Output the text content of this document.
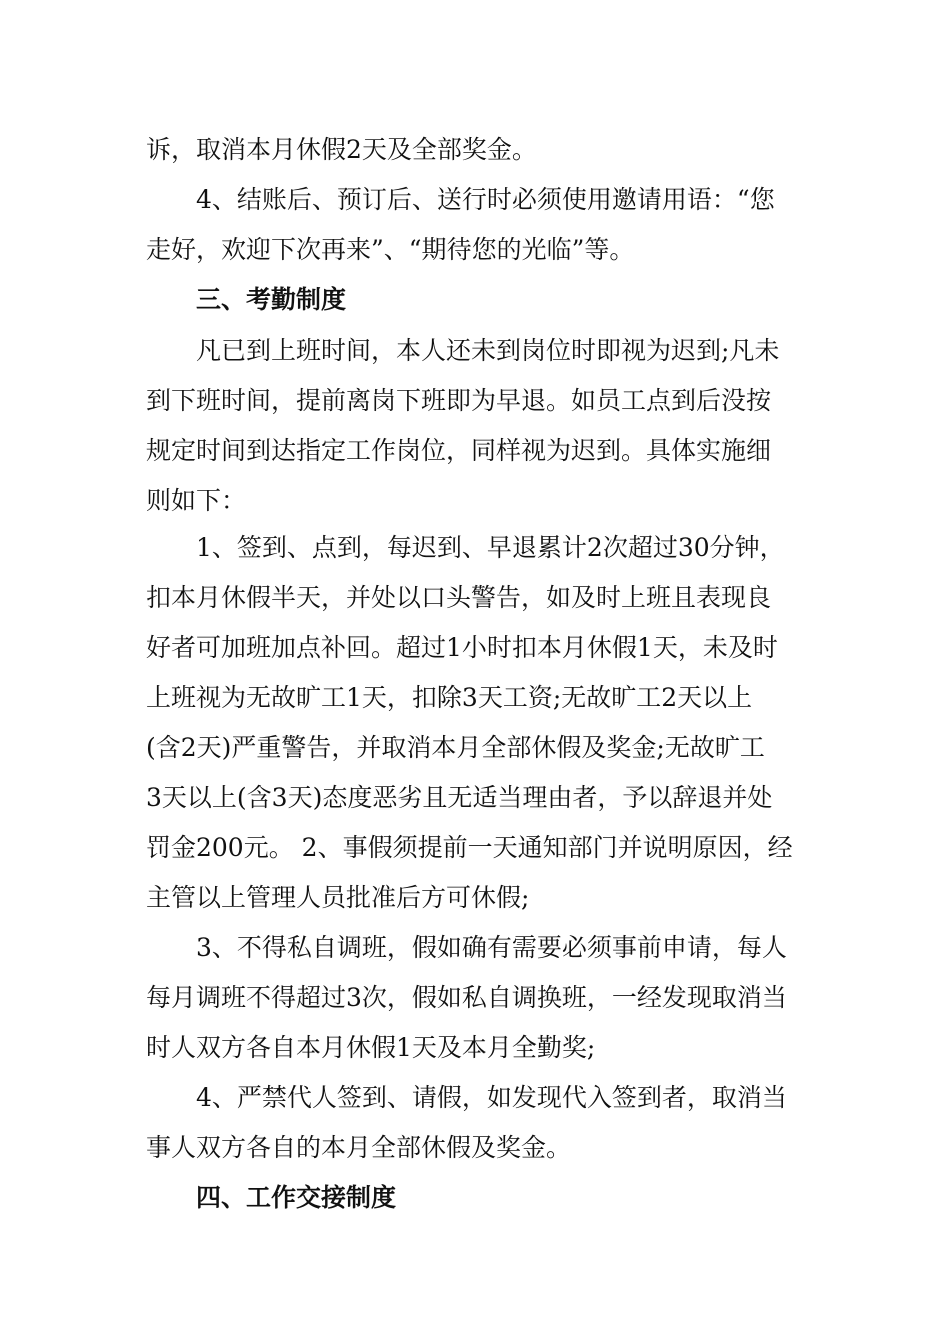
诉，取消本月休假2天及全部奖金。
4、结账后、预订后、送行时必须使用邀请用语：“您
走好，欢迎下次再来”、“期待您的光临”等。
三、考勤制度
凡已到上班时间，本人还未到岗位时即视为迟到;凡未
到下班时间，提前离岗下班即为早退。如员工点到后没按
规定时间到达指定工作岗位，同样视为迟到。具体实施细
则如下：
1、签到、点到，每迟到、早退累计2次超过30分钟，
扣本月休假半天，并处以口头警告，如及时上班且表现良
好者可加班加点补回。超过1小时扣本月休假1天，未及时
上班视为无故旷工1天，扣除3天工资;无故旷工2天以上
(含2天)严重警告，并取消本月全部休假及奖金;无故旷工
3天以上(含3天)态度恶劣且无适当理由者，予以辞退并处
罚金200元。 2、事假须提前一天通知部门并说明原因，经
主管以上管理人员批准后方可休假;
3、不得私自调班，假如确有需要必须事前申请，每人
每月调班不得超过3次，假如私自调换班，一经发现取消当
时人双方各自本月休假1天及本月全勤奖;
4、严禁代人签到、请假，如发现代入签到者，取消当
事人双方各自的本月全部休假及奖金。
四、工作交接制度
